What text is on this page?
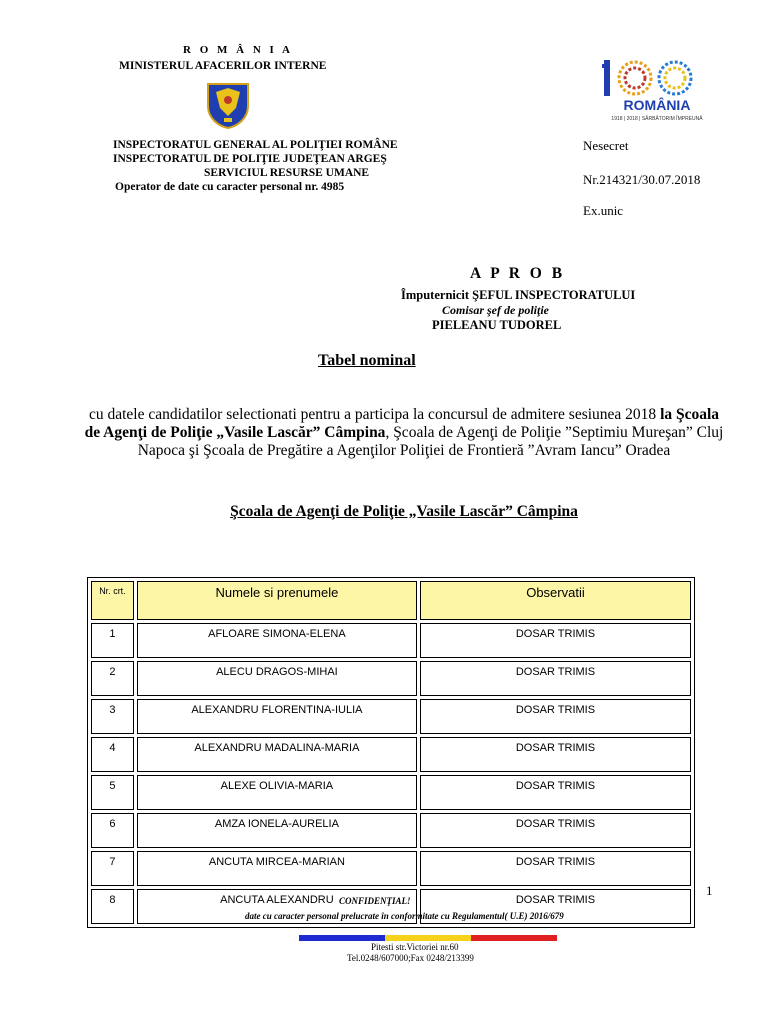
R O M Â N I A
MINISTERUL AFACERILOR INTERNE
INSPECTORATUL GENERAL AL POLIŢIEI ROMÂNE
INSPECTORATUL DE POLIŢIE JUDEŢEAN ARGEŞ
SERVICIUL RESURSE UMANE
Operator de date cu caracter personal nr. 4985
ROMÂNIA
1918 | 2018 | SĂRBĂTORIM ÎMPREUNĂ
Nesecret
Nr.214321/30.07.2018
Ex.unic
A P R O B
Împuternicit ŞEFUL INSPECTORATULUI
Comisar şef de poliţie
PIELEANU TUDOREL
Tabel nominal
cu datele candidatilor selectionati pentru a participa la concursul de admitere sesiunea 2018 la Şcoala de Agenţi de Poliţie „Vasile Lascăr” Câmpina, Şcoala de Agenţi de Poliţie ”Septimiu Mureşan” Cluj Napoca şi Şcoala de Pregătire a Agenţilor Poliţiei de Frontieră ”Avram Iancu” Oradea
Şcoala de Agenţi de Poliţie „Vasile Lascăr” Câmpina
Nr. crt.	Numele si prenumele	Observatii
1	AFLOARE SIMONA-ELENA	DOSAR TRIMIS
2	ALECU DRAGOS-MIHAI	DOSAR TRIMIS
3	ALEXANDRU FLORENTINA-IULIA	DOSAR TRIMIS
4	ALEXANDRU MADALINA-MARIA	DOSAR TRIMIS
5	ALEXE OLIVIA-MARIA	DOSAR TRIMIS
6	AMZA IONELA-AURELIA	DOSAR TRIMIS
7	ANCUTA MIRCEA-MARIAN	DOSAR TRIMIS
8	ANCUTA ALEXANDRU	DOSAR TRIMIS
1
CONFIDENŢIAL!
date cu caracter personal prelucrate în conformitate cu Regulamentul( U.E) 2016/679
Pitesti str.Victoriei nr.60
Tel.0248/607000;Fax 0248/213399
